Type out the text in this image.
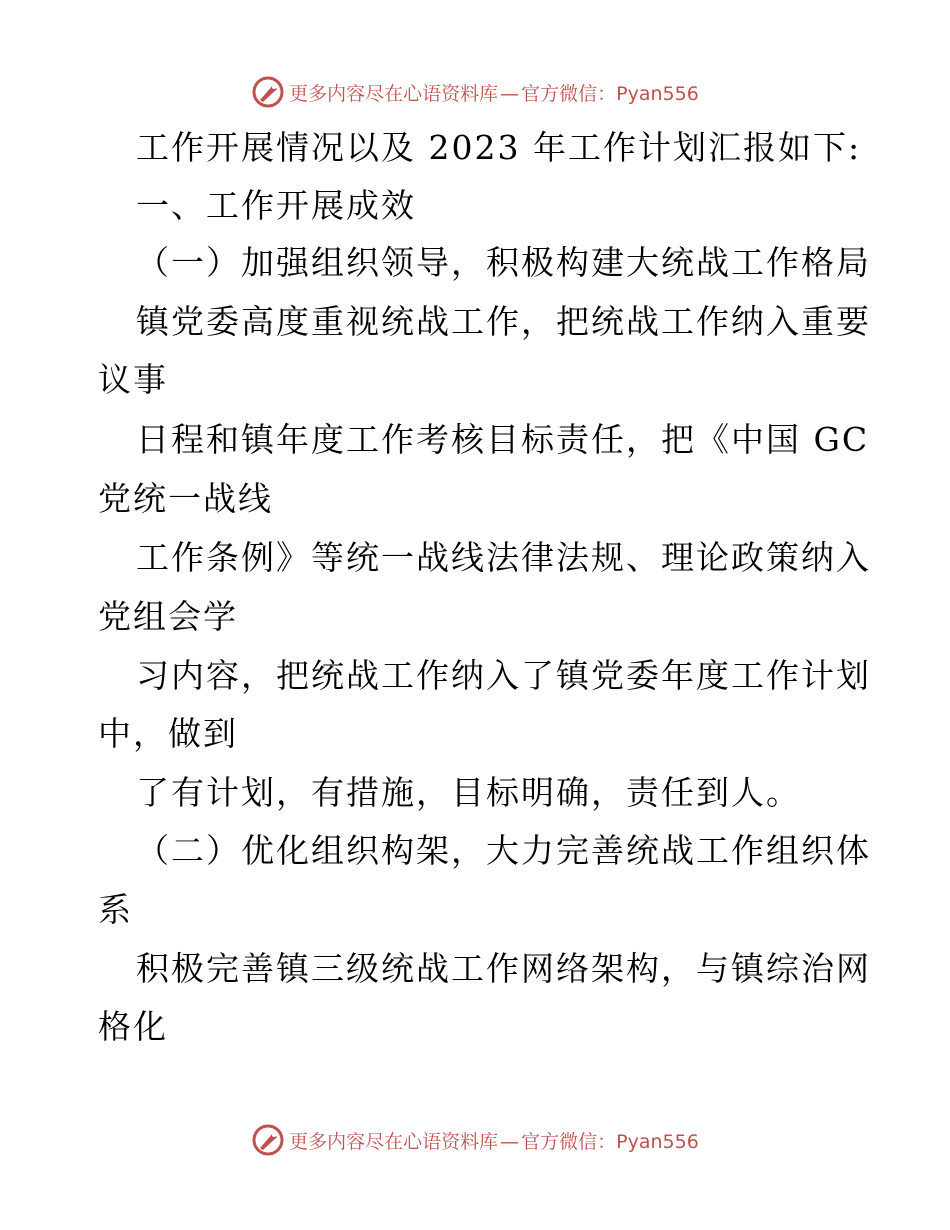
更多内容尽在心语资料库 — 官方微信：Pyan556
工作开展情况以及 2023 年工作计划汇报如下:
一、工作开展成效
（一）加强组织领导，积极构建大统战工作格局
镇党委高度重视统战工作，把统战工作纳入重要
议事
日程和镇年度工作考核目标责任，把《中国 GC
党统一战线
工作条例》等统一战线法律法规、理论政策纳入
党组会学
习内容，把统战工作纳入了镇党委年度工作计划
中，做到
了有计划，有措施，目标明确，责任到人。
（二）优化组织构架，大力完善统战工作组织体
系
积极完善镇三级统战工作网络架构，与镇综治网
格化
更多内容尽在心语资料库 — 官方微信：Pyan556
